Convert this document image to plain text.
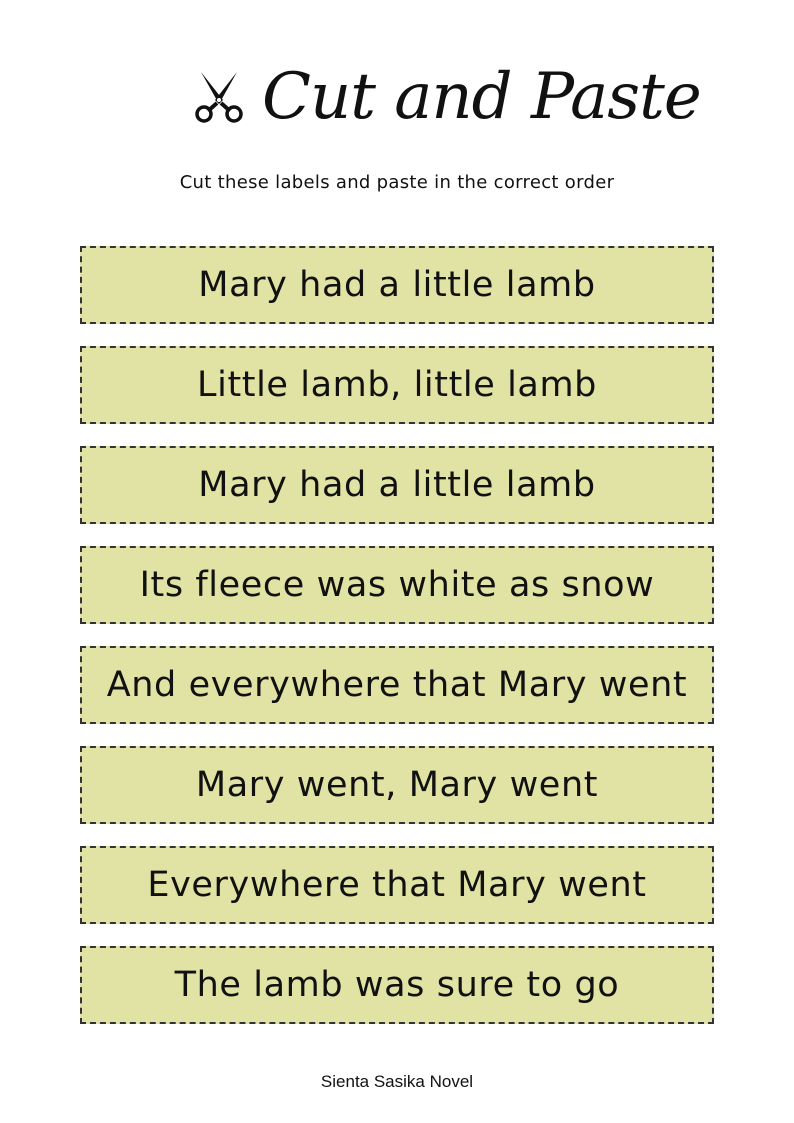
Cut and Paste
Cut these labels and paste in the correct order
Mary had a little lamb
Little lamb, little lamb
Mary had a little lamb
Its fleece was white as snow
And everywhere that Mary went
Mary went, Mary went
Everywhere that Mary went
The lamb was sure to go
Sienta Sasika Novel
